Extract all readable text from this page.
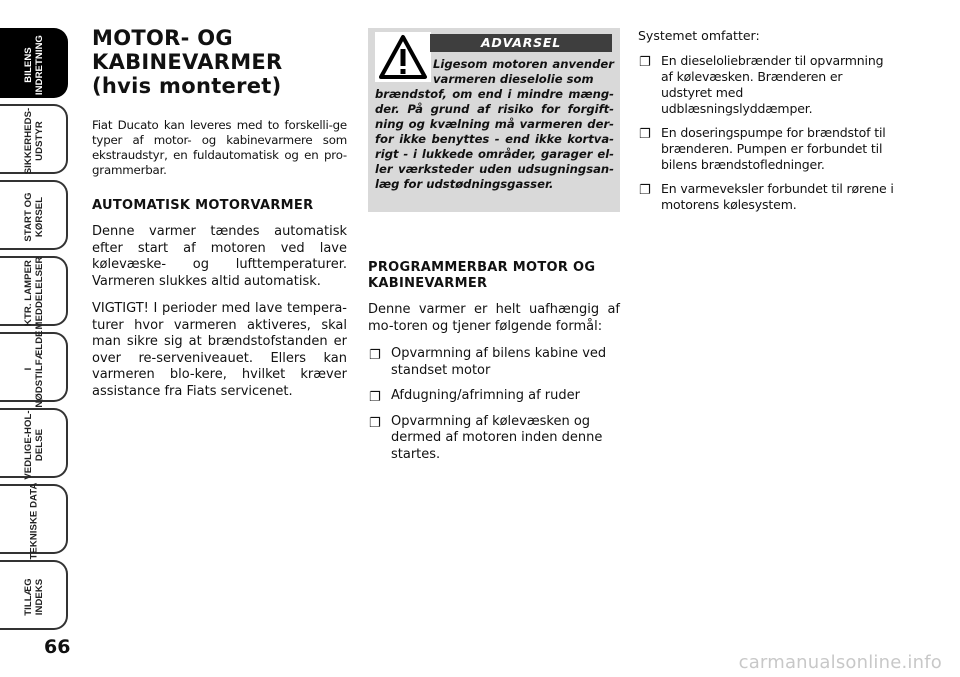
BILENS
INDRETNING
SIKKERHEDS-
UDSTYR
START OG
KØRSEL
KTR. LAMPER
MEDDELELSER
I
NØDSTILFÆLDE
VEDLIGE-HOL-
DELSE
TEKNISKE DATA
TILLÆG
INDEKS
66
MOTOR- OG
KABINEVARMER
(hvis monteret)

Fiat Ducato kan leveres med to forskelli-ge typer af motor- og kabinevarmere som ekstraudstyr, en fuldautomatisk og en pro-grammerbar.

AUTOMATISK MOTORVARMER

Denne varmer tændes automatisk efter start af motoren ved lave kølevæske- og lufttemperaturer. Varmeren slukkes altid automatisk.

VIGTIGT! I perioder med lave tempera-turer hvor varmeren aktiveres, skal man sikre sig at brændstofstanden er over re-serveniveauet. Ellers kan varmeren blo-kere, hvilket kræver assistance fra Fiats servicenet.

ADVARSEL
Ligesom motoren anvender varmeren dieselolie som
brændstof, om end i mindre mæng-der. På grund af risiko for forgift-ning og kvælning må varmeren der-for ikke benyttes - end ikke kortva-rigt - i lukkede områder, garager el-ler værksteder uden udsugningsan-læg for udstødningsgasser.
PROGRAMMERBAR MOTOR OG KABINEVARMER

Denne varmer er helt uafhængig af mo-toren og tjener følgende formål:

❐ Opvarmning af bilens kabine ved standset motor
❐ Afdugning/afrimning af ruder
❐ Opvarmning af kølevæsken og dermed af motoren inden denne startes.

Systemet omfatter:

❐ En dieseloliebrænder til opvarmning af kølevæsken. Brænderen er udstyret med udblæsningslyddæmper.
❐ En doseringspumpe for brændstof til brænderen. Pumpen er forbundet til bilens brændstofledninger.
❐ En varmeveksler forbundet til rørene i motorens kølesystem.
carmanualsonline.info
